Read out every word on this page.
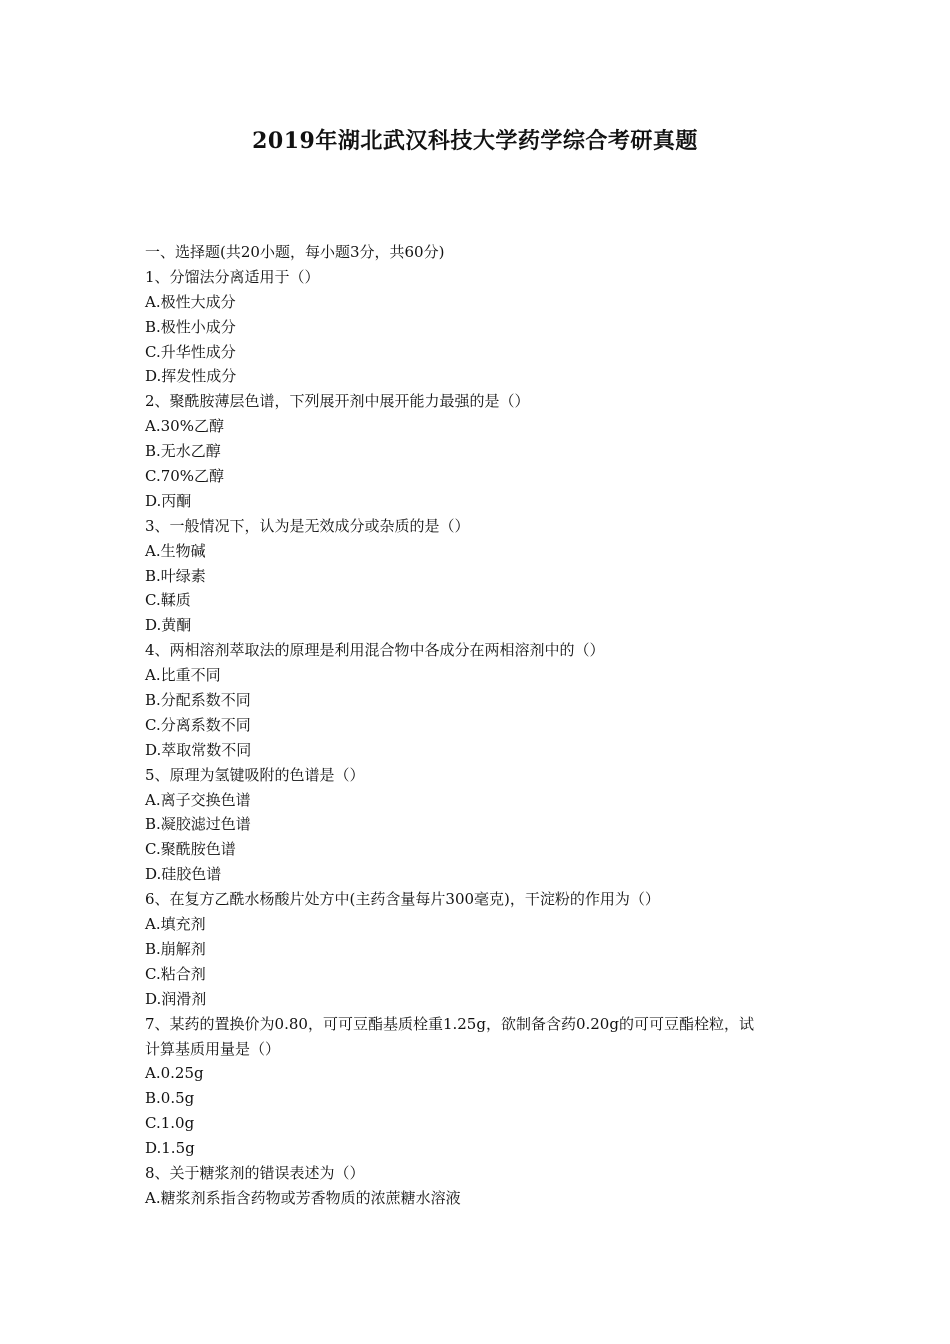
2019年湖北武汉科技大学药学综合考研真题
一、选择题(共20小题，每小题3分，共60分)
1、分馏法分离适用于（）
A.极性大成分
B.极性小成分
C.升华性成分
D.挥发性成分
2、聚酰胺薄层色谱，下列展开剂中展开能力最强的是（）
A.30%乙醇
B.无水乙醇
C.70%乙醇
D.丙酮
3、一般情况下，认为是无效成分或杂质的是（）
A.生物碱
B.叶绿素
C.鞣质
D.黄酮
4、两相溶剂萃取法的原理是利用混合物中各成分在两相溶剂中的（）
A.比重不同
B.分配系数不同
C.分离系数不同
D.萃取常数不同
5、原理为氢键吸附的色谱是（）
A.离子交换色谱
B.凝胶滤过色谱
C.聚酰胺色谱
D.硅胶色谱
6、在复方乙酰水杨酸片处方中(主药含量每片300毫克)，干淀粉的作用为（）
A.填充剂
B.崩解剂
C.粘合剂
D.润滑剂
7、某药的置换价为0.80，可可豆酯基质栓重1.25g，欲制备含药0.20g的可可豆酯栓粒，试
计算基质用量是（）
A.0.25g
B.0.5g
C.1.0g
D.1.5g
8、关于糖浆剂的错误表述为（）
A.糖浆剂系指含药物或芳香物质的浓蔗糖水溶液
